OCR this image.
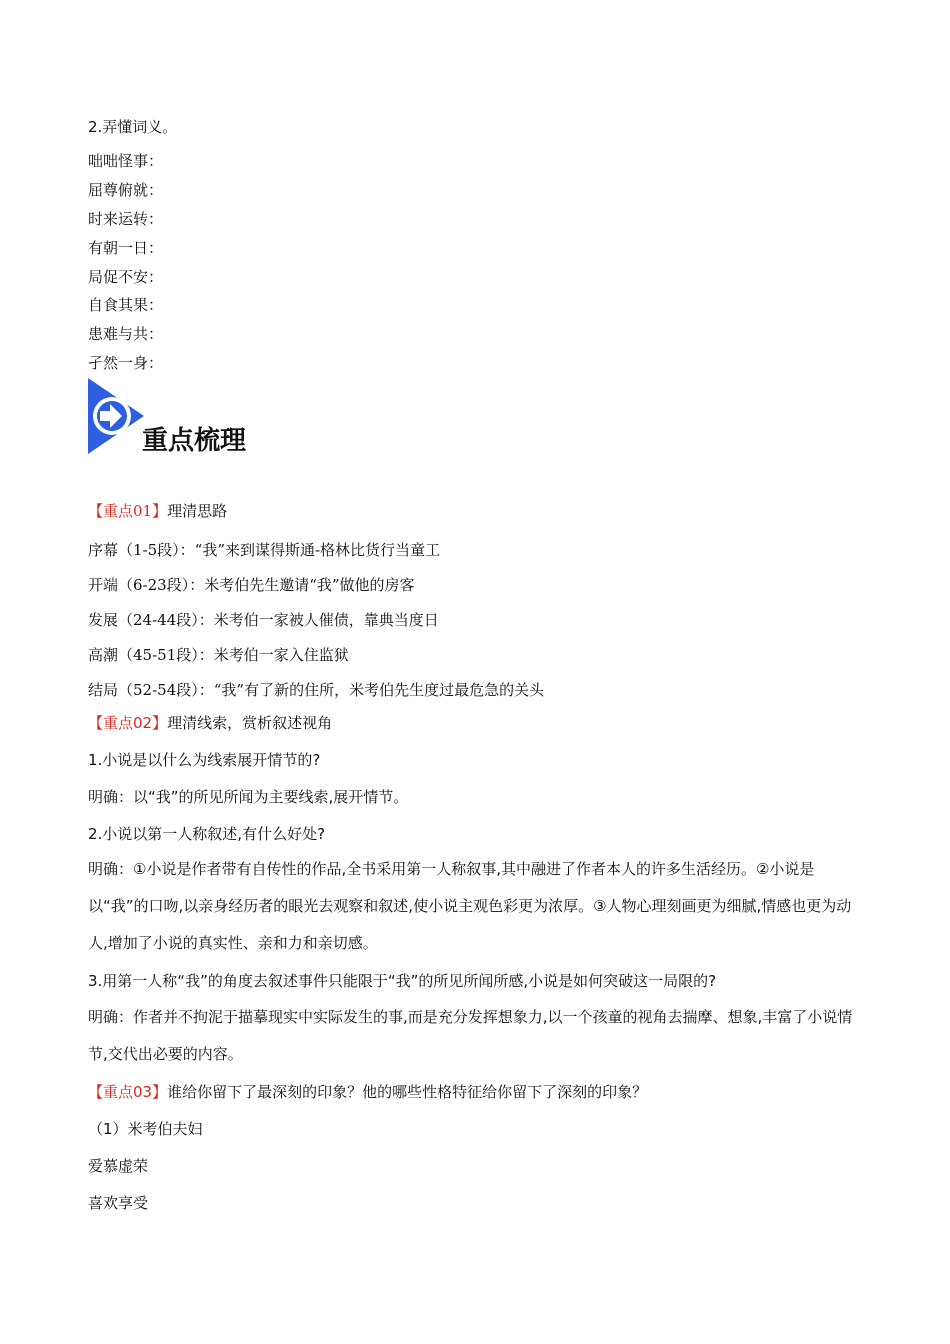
2.弄懂词义。
咄咄怪事：
屈尊俯就：
时来运转：
有朝一日：
局促不安：
自食其果：
患难与共：
孑然一身：
重点梳理
【重点01】理清思路
序幕（1-5段）：“我”来到谋得斯通-格林比货行当童工
开端（6-23段）：米考伯先生邀请“我”做他的房客
发展（24-44段）：米考伯一家被人催债，靠典当度日
高潮（45-51段）：米考伯一家入住监狱
结局（52-54段）：“我”有了新的住所，米考伯先生度过最危急的关头
【重点02】理清线索，赏析叙述视角
1.小说是以什么为线索展开情节的?
明确：以“我”的所见所闻为主要线索,展开情节。
2.小说以第一人称叙述,有什么好处?
明确：①小说是作者带有自传性的作品,全书采用第一人称叙事,其中融进了作者本人的许多生活经历。②小说是以“我”的口吻,以亲身经历者的眼光去观察和叙述,使小说主观色彩更为浓厚。③人物心理刻画更为细腻,情感也更为动人,增加了小说的真实性、亲和力和亲切感。
3.用第一人称“我”的角度去叙述事件只能限于“我”的所见所闻所感,小说是如何突破这一局限的?
明确：作者并不拘泥于描摹现实中实际发生的事,而是充分发挥想象力,以一个孩童的视角去揣摩、想象,丰富了小说情节,交代出必要的内容。
【重点03】谁给你留下了最深刻的印象？他的哪些性格特征给你留下了深刻的印象？
（1）米考伯夫妇
爱慕虚荣
喜欢享受
